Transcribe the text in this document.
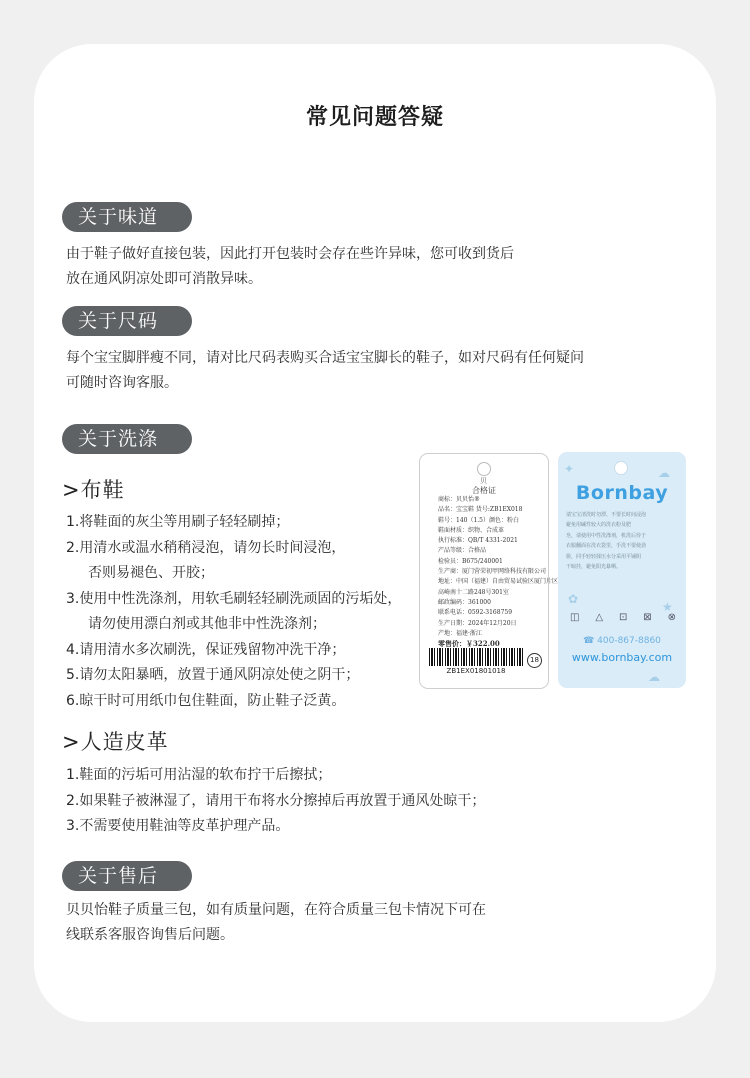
常见问题答疑
关于味道
由于鞋子做好直接包装，因此打开包装时会存在些许异味，您可收到货后
放在通风阴凉处即可消散异味。
关于尺码
每个宝宝脚胖瘦不同，请对比尺码表购买合适宝宝脚长的鞋子，如对尺码有任何疑问
可随时咨询客服。
关于洗涤
>布鞋
1.将鞋面的灰尘等用刷子轻轻刷掉；
2.用清水或温水稍稍浸泡，请勿长时间浸泡，
否则易褪色、开胶；
3.使用中性洗涤剂，用软毛刷轻轻刷洗顽固的污垢处，
请勿使用漂白剂或其他非中性洗涤剂；
4.请用清水多次刷洗，保证残留物冲洗干净；
5.请勿太阳暴晒，放置于通风阴凉处使之阴干；
6.晾干时可用纸巾包住鞋面，防止鞋子泛黄。
贝
合格证
商标：贝贝怡®
品名：宝宝鞋 货号:ZB1EX018
鞋号：140（1.5）颜色：粉白
鞋面材质：织物、合成革
执行标准：QB/T 4331-2021
产品等级：合格品
检验员：B675/240001
生产商：厦门营荣初甲网络科技有限公司
地址：中国（福建）自由贸易试验区厦门片区
高崎南十二路248号301室
邮政编码：361000
联系电话：0592-3168759
生产日期：2024年12月20日
产地：福建·浙江
零售价：￥322.00
ZB1EX01801018
18
✦	☁
✿
★
☁
Bornbay
请宝宝清洗时勿漂、不要长时间浸泡
避免用碱性较大的洗衣粉及肥
皂，请使用中性洗涤剂，机洗后待于
衣服翻面在洗衣袋里，手洗不要使劲
搓，同手轻轻揉压水分采用平铺阴
干晾挂，避免阳光暴晒。
◫ △ ⊡ ⊠ ⊗
☎ 400-867-8860
www.bornbay.com
>人造皮革
1.鞋面的污垢可用沾湿的软布拧干后擦拭；
2.如果鞋子被淋湿了，请用干布将水分擦掉后再放置于通风处晾干；
3.不需要使用鞋油等皮革护理产品。
关于售后
贝贝怡鞋子质量三包，如有质量问题，在符合质量三包卡情况下可在
线联系客服咨询售后问题。
